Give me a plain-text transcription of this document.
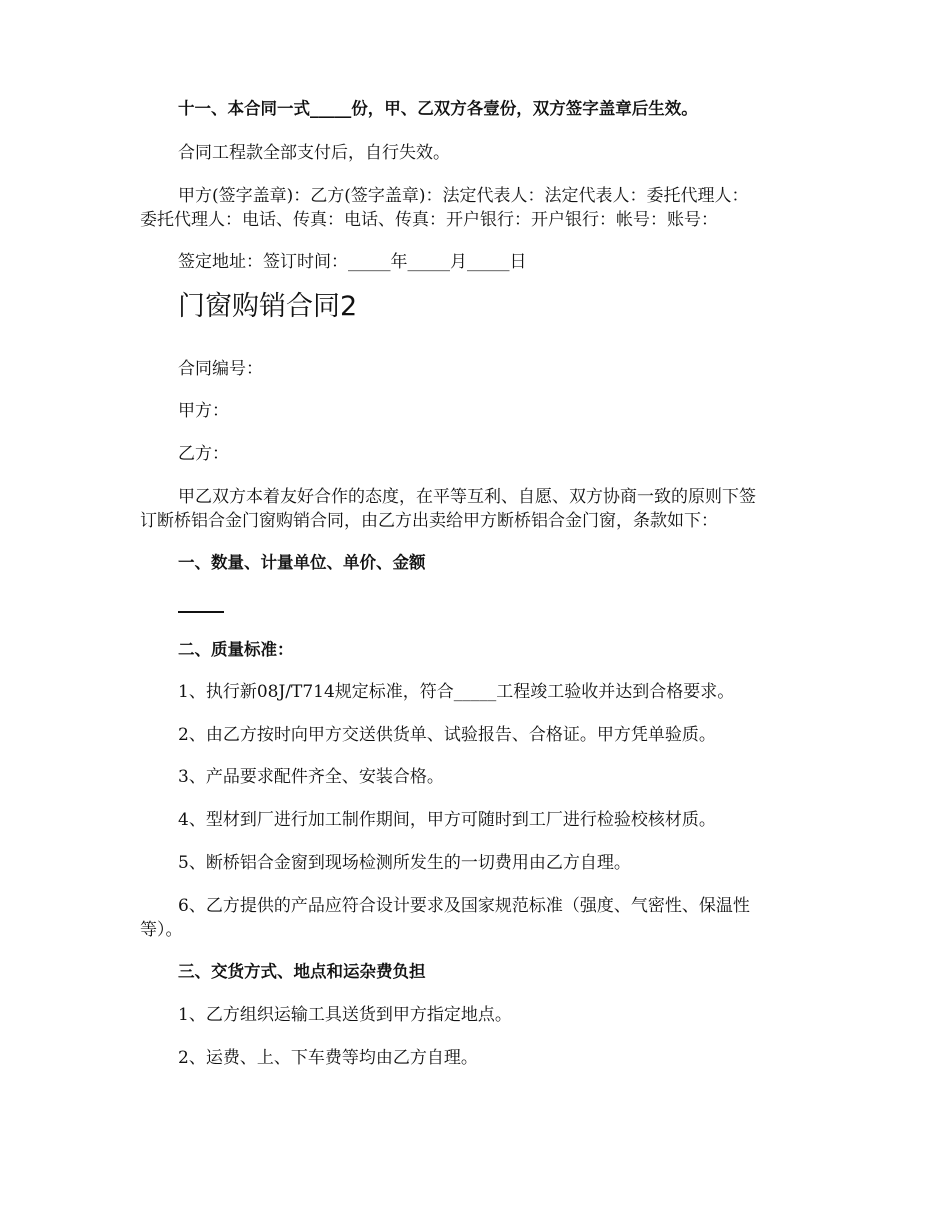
十一、本合同一式_____份，甲、乙双方各壹份，双方签字盖章后生效。
合同工程款全部支付后，自行失效。
甲方(签字盖章)：乙方(签字盖章)：法定代表人：法定代表人：委托代理人：
委托代理人：电话、传真：电话、传真：开户银行：开户银行：帐号：账号：
签定地址：签订时间：_____年_____月_____日
门窗购销合同2
合同编号：
甲方：
乙方：
甲乙双方本着友好合作的态度，在平等互利、自愿、双方协商一致的原则下签
订断桥铝合金门窗购销合同，由乙方出卖给甲方断桥铝合金门窗，条款如下：
一、数量、计量单位、单价、金额
二、质量标准：
1、执行新08J/T714规定标准，符合_____工程竣工验收并达到合格要求。
2、由乙方按时向甲方交送供货单、试验报告、合格证。甲方凭单验质。
3、产品要求配件齐全、安装合格。
4、型材到厂进行加工制作期间，甲方可随时到工厂进行检验校核材质。
5、断桥铝合金窗到现场检测所发生的一切费用由乙方自理。
6、乙方提供的产品应符合设计要求及国家规范标准（强度、气密性、保温性
等）。
三、交货方式、地点和运杂费负担
1、乙方组织运输工具送货到甲方指定地点。
2、运费、上、下车费等均由乙方自理。
